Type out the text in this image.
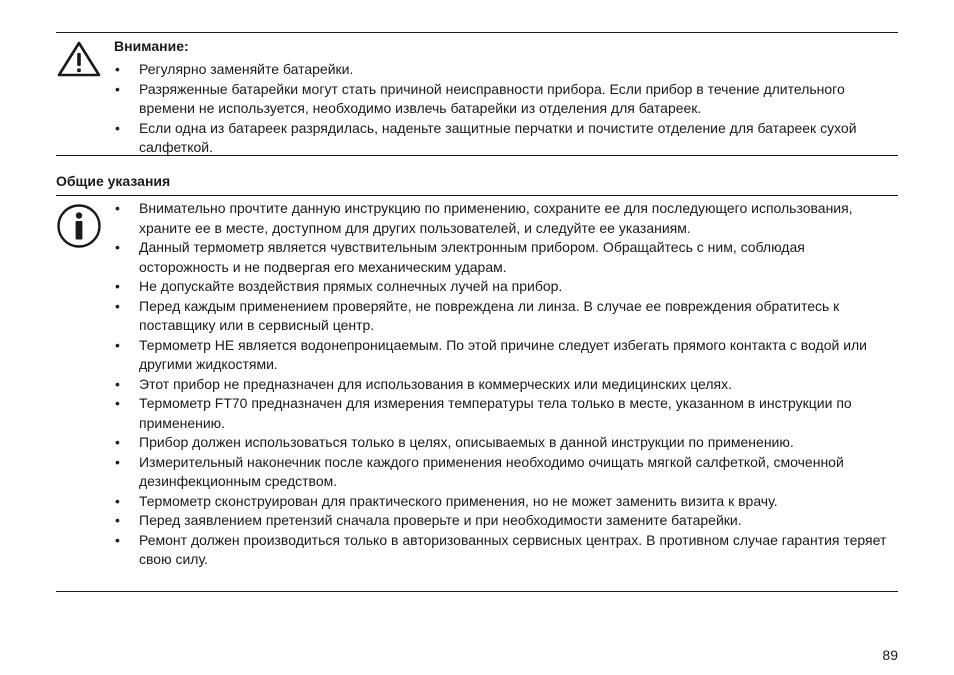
Внимание:
• Регулярно заменяйте батарейки.
• Разряженные батарейки могут стать причиной неисправности прибора. Если прибор в течение длительного времени не используется, необходимо извлечь батарейки из отделения для батареек.
• Если одна из батареек разрядилась, наденьте защитные перчатки и почистите отделение для батареек сухой салфеткой.
Общие указания
• Внимательно прочтите данную инструкцию по применению, сохраните ее для последующего использования, храните ее в месте, доступном для других пользователей, и следуйте ее указаниям.
• Данный термометр является чувствительным электронным прибором. Обращайтесь с ним, соблюдая осторожность и не подвергая его механическим ударам.
• Не допускайте воздействия прямых солнечных лучей на прибор.
• Перед каждым применением проверяйте, не повреждена ли линза. В случае ее повреждения обратитесь к поставщику или в сервисный центр.
• Термометр НЕ является водонепроницаемым. По этой причине следует избегать прямого контакта с водой или другими жидкостями.
• Этот прибор не предназначен для использования в коммерческих или медицинских целях.
• Термометр FT70 предназначен для измерения температуры тела только в месте, указанном в инструкции по применению.
• Прибор должен использоваться только в целях, описываемых в данной инструкции по применению.
• Измерительный наконечник после каждого применения необходимо очищать мягкой салфеткой, смоченной дезинфекционным средством.
• Термометр сконструирован для практического применения, но не может заменить визита к врачу.
• Перед заявлением претензий сначала проверьте и при необходимости замените батарейки.
• Ремонт должен производиться только в авторизованных сервисных центрах. В противном случае гарантия теряет свою силу.
89
